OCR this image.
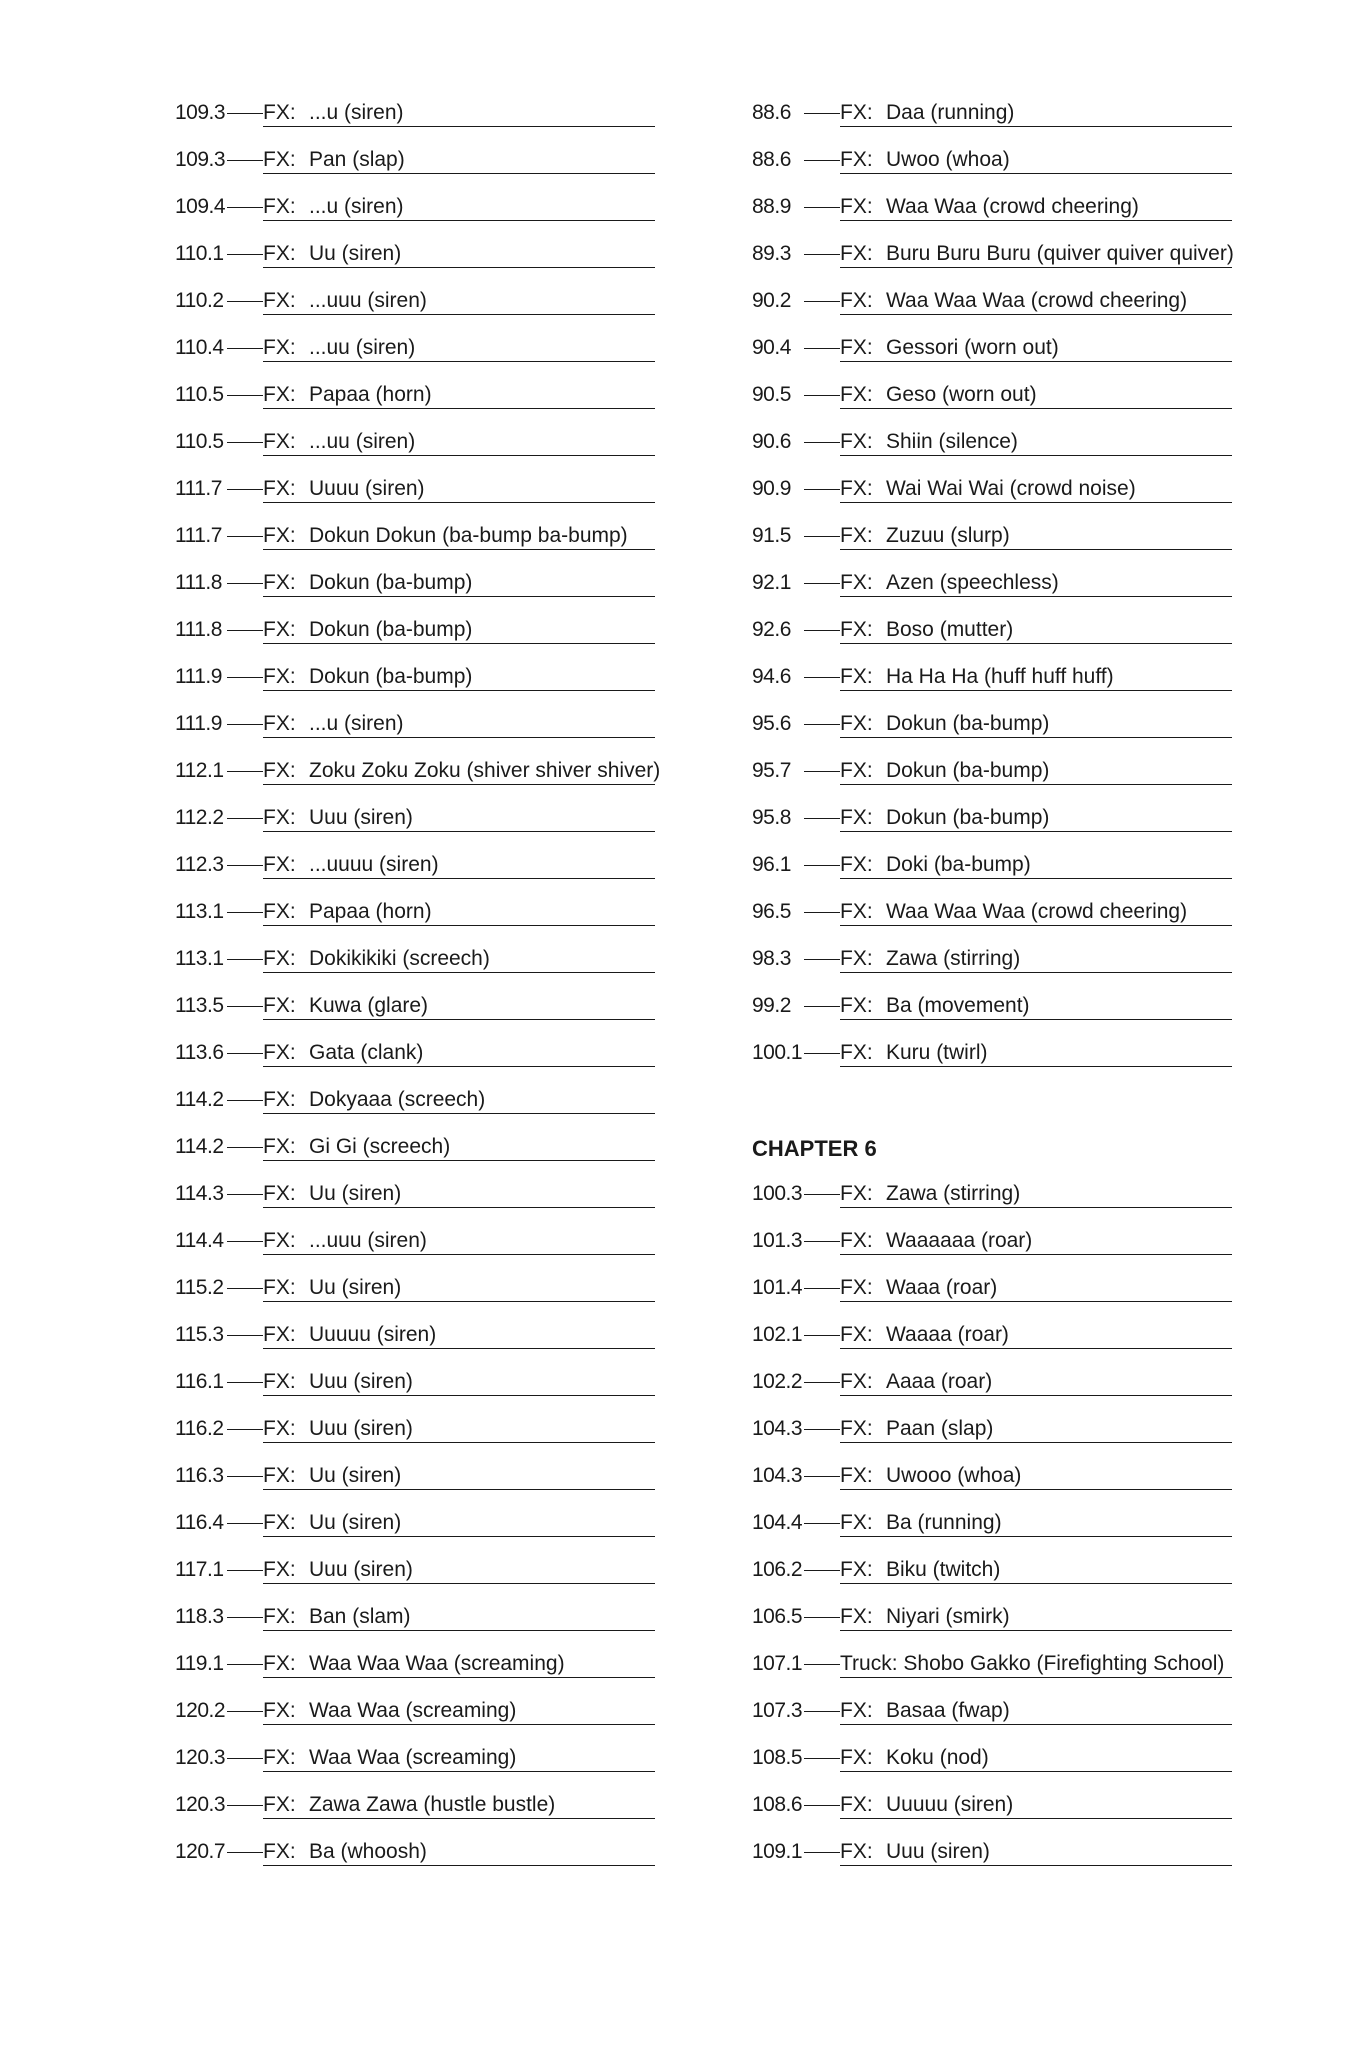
109.3 FX: ...u (siren)
109.3 FX: Pan (slap)
109.4 FX: ...u (siren)
110.1	FX: Uu (siren)
110.2	FX: ...uuu (siren)
110.4	FX: ...uu (siren)
110.5	FX: Papaa (horn)
110.5	FX: ...uu (siren)
111.7	FX: Uuuu (siren)
111.7	FX: Dokun Dokun (ba-bump ba-bump)
111.8	FX: Dokun (ba-bump)
111.8	FX: Dokun (ba-bump)
111.9	FX: Dokun (ba-bump)
111.9	FX: ...u (siren)
112.1	FX: Zoku Zoku Zoku (shiver shiver shiver)
112.2	FX: Uuu (siren)
112.3	FX: ...uuuu (siren)
113.1	FX: Papaa (horn)
113.1	FX: Dokikikiki (screech)
113.5	FX: Kuwa (glare)
113.6	FX: Gata (clank)
114.2	FX: Dokyaaa (screech)
114.2	FX: Gi Gi (screech)
114.3	FX: Uu (siren)
114.4	FX: ...uuu (siren)
115.2	FX: Uu (siren)
115.3	FX: Uuuuu (siren)
116.1	FX: Uuu (siren)
116.2	FX: Uuu (siren)
116.3	FX: Uu (siren)
116.4	FX: Uu (siren)
117.1	FX: Uuu (siren)
118.3	FX: Ban (slam)
119.1	FX: Waa Waa Waa (screaming)
120.2 FX: Waa Waa (screaming)
120.3 FX: Waa Waa (screaming)
120.3 FX: Zawa Zawa (hustle bustle)
120.7 FX: Ba (whoosh)
88.6	FX: Daa (running)
88.6	FX: Uwoo (whoa)
88.9	FX: Waa Waa (crowd cheering)
89.3	FX: Buru Buru Buru (quiver quiver quiver)
90.2	FX: Waa Waa Waa (crowd cheering)
90.4	FX: Gessori (worn out)
90.5	FX: Geso (worn out)
90.6	FX: Shiin (silence)
90.9	FX: Wai Wai Wai (crowd noise)
91.5	FX: Zuzuu (slurp)
92.1	FX: Azen (speechless)
92.6	FX: Boso (mutter)
94.6	FX: Ha Ha Ha (huff huff huff)
95.6	FX: Dokun (ba-bump)
95.7	FX: Dokun (ba-bump)
95.8	FX: Dokun (ba-bump)
96.1	FX: Doki (ba-bump)
96.5	FX: Waa Waa Waa (crowd cheering)
98.3	FX: Zawa (stirring)
99.2	FX: Ba (movement)
100.1 FX: Kuru (twirl)
CHAPTER 6
100.3 FX: Zawa (stirring)
101.3 FX: Waaaaaa (roar)
101.4 FX: Waaa (roar)
102.1 FX: Waaaa (roar)
102.2 FX: Aaaa (roar)
104.3 FX: Paan (slap)
104.3 FX: Uwooo (whoa)
104.4 FX: Ba (running)
106.2 FX: Biku (twitch)
106.5 FX: Niyari (smirk)
107.1 Truck: Shobo Gakko (Firefighting School)
107.3 FX: Basaa (fwap)
108.5 FX: Koku (nod)
108.6 FX: Uuuuu (siren)
109.1 FX: Uuu (siren)
